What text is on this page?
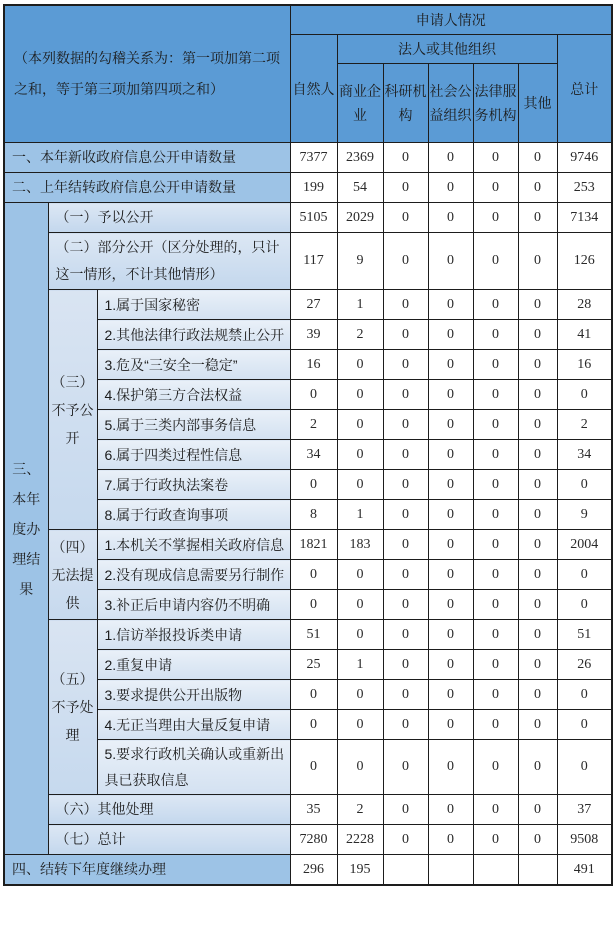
（本列数据的勾稽关系为：第一项加第二项之和，等于第三项加第四项之和）			申请人情况						
			自然人	法人或其他组织					总计
				商业企业	科研机构	社会公益组织	法律服务机构	其他	
一、本年新收政府信息公开申请数量			7377	2369	0	0	0	0	9746
二、上年结转政府信息公开申请数量			199	54	0	0	0	0	253
三、本年度办理结果	（一）予以公开		5105	2029	0	0	0	0	7134
	（二）部分公开（区分处理的，只计这一情形，不计其他情形）		117	9	0	0	0	0	126
	（三）不予公开	1.属于国家秘密	27	1	0	0	0	0	28
		2.其他法律行政法规禁止公开	39	2	0	0	0	0	41
		3.危及“三安全一稳定”	16	0	0	0	0	0	16
		4.保护第三方合法权益	0	0	0	0	0	0	0
		5.属于三类内部事务信息	2	0	0	0	0	0	2
		6.属于四类过程性信息	34	0	0	0	0	0	34
		7.属于行政执法案卷	0	0	0	0	0	0	0
		8.属于行政查询事项	8	1	0	0	0	0	9
	（四）无法提供	1.本机关不掌握相关政府信息	1821	183	0	0	0	0	2004
		2.没有现成信息需要另行制作	0	0	0	0	0	0	0
		3.补正后申请内容仍不明确	0	0	0	0	0	0	0
	（五）不予处理	1.信访举报投诉类申请	51	0	0	0	0	0	51
		2.重复申请	25	1	0	0	0	0	26
		3.要求提供公开出版物	0	0	0	0	0	0	0
		4.无正当理由大量反复申请	0	0	0	0	0	0	0
		5.要求行政机关确认或重新出具已获取信息	0	0	0	0	0	0	0
	（六）其他处理		35	2	0	0	0	0	37
	（七）总计		7280	2228	0	0	0	0	9508
四、结转下年度继续办理			296	195					491
